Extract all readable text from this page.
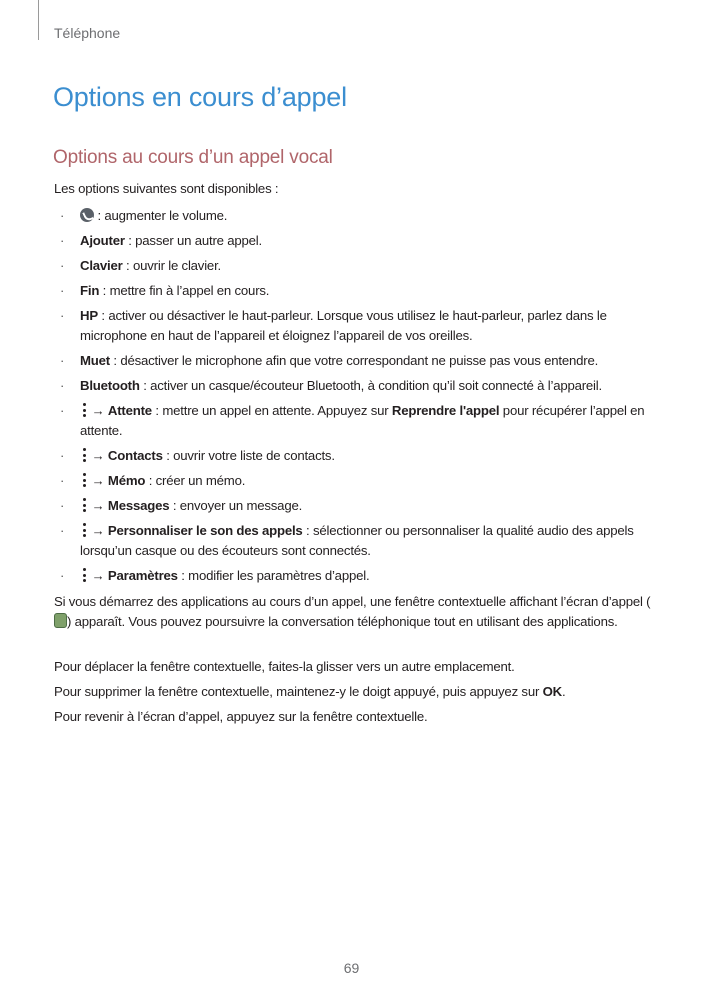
Téléphone
Options en cours d’appel
Options au cours d’un appel vocal

Les options suivantes sont disponibles :

· : augmenter le volume.
· Ajouter : passer un autre appel.
· Clavier : ouvrir le clavier.
· Fin : mettre fin à l’appel en cours.
· HP : activer ou désactiver le haut-parleur. Lorsque vous utilisez le haut-parleur, parlez dans le microphone en haut de l’appareil et éloignez l’appareil de vos oreilles.
· Muet : désactiver le microphone afin que votre correspondant ne puisse pas vous entendre.
· Bluetooth : activer un casque/écouteur Bluetooth, à condition qu’il soit connecté à l’appareil.
· → Attente : mettre un appel en attente. Appuyez sur Reprendre l'appel pour récupérer l’appel en attente.
· → Contacts : ouvrir votre liste de contacts.
· → Mémo : créer un mémo.
· → Messages : envoyer un message.
· → Personnaliser le son des appels : sélectionner ou personnaliser la qualité audio des appels lorsqu’un casque ou des écouteurs sont connectés.
· → Paramètres : modifier les paramètres d’appel.

Si vous démarrez des applications au cours d’un appel, une fenêtre contextuelle affichant l’écran d’appel () apparaît. Vous pouvez poursuivre la conversation téléphonique tout en utilisant des applications.

Pour déplacer la fenêtre contextuelle, faites-la glisser vers un autre emplacement.

Pour supprimer la fenêtre contextuelle, maintenez-y le doigt appuyé, puis appuyez sur OK.

Pour revenir à l’écran d’appel, appuyez sur la fenêtre contextuelle.

69
